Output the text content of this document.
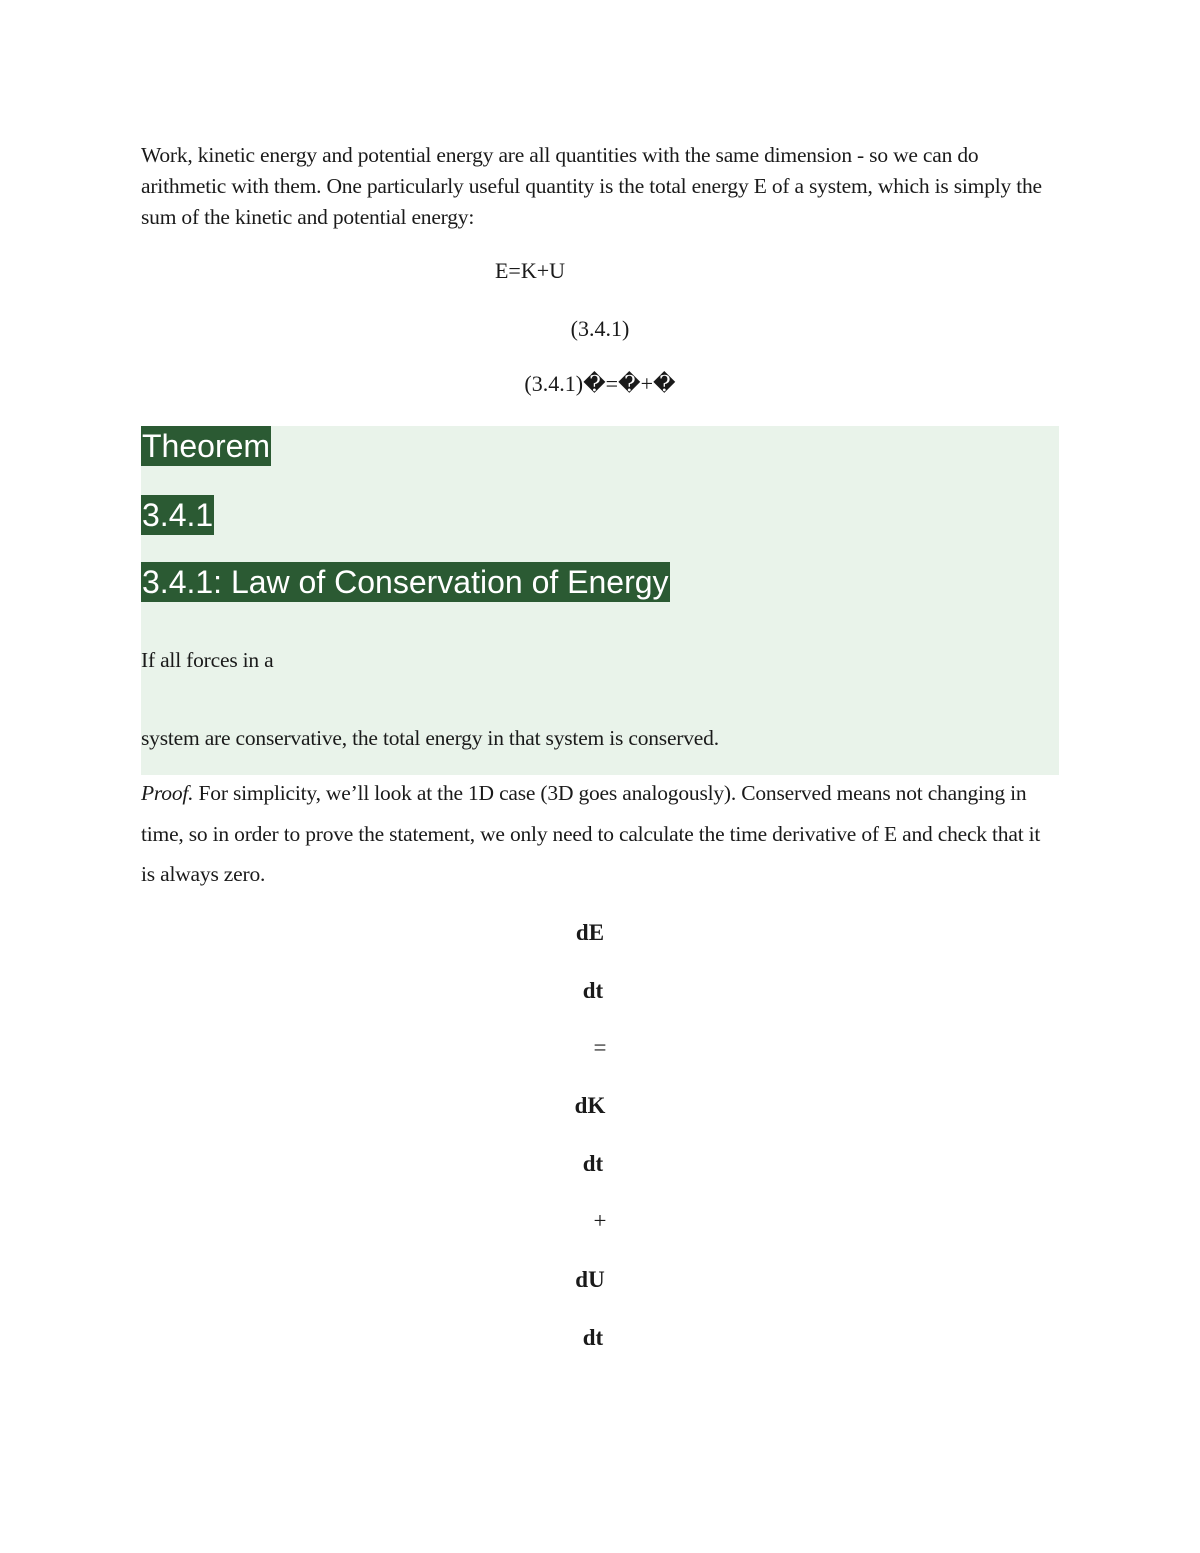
Work, kinetic energy and potential energy are all quantities with the same dimension - so we can do arithmetic with them. One particularly useful quantity is the total energy E of a system, which is simply the sum of the kinetic and potential energy:

E=K+U
(3.4.1)
(3.4.1)�=�+�
Theorem
3.4.1
3.4.1: Law of Conservation of Energy
If all forces in a
system are conservative, the total energy in that system is conserved.

Proof. For simplicity, we’ll look at the 1D case (3D goes analogously). Conserved means not changing in time, so in order to prove the statement, we only need to calculate the time derivative of E and check that it is always zero.

dE
dt
=
dK
dt
+
dU
dt
